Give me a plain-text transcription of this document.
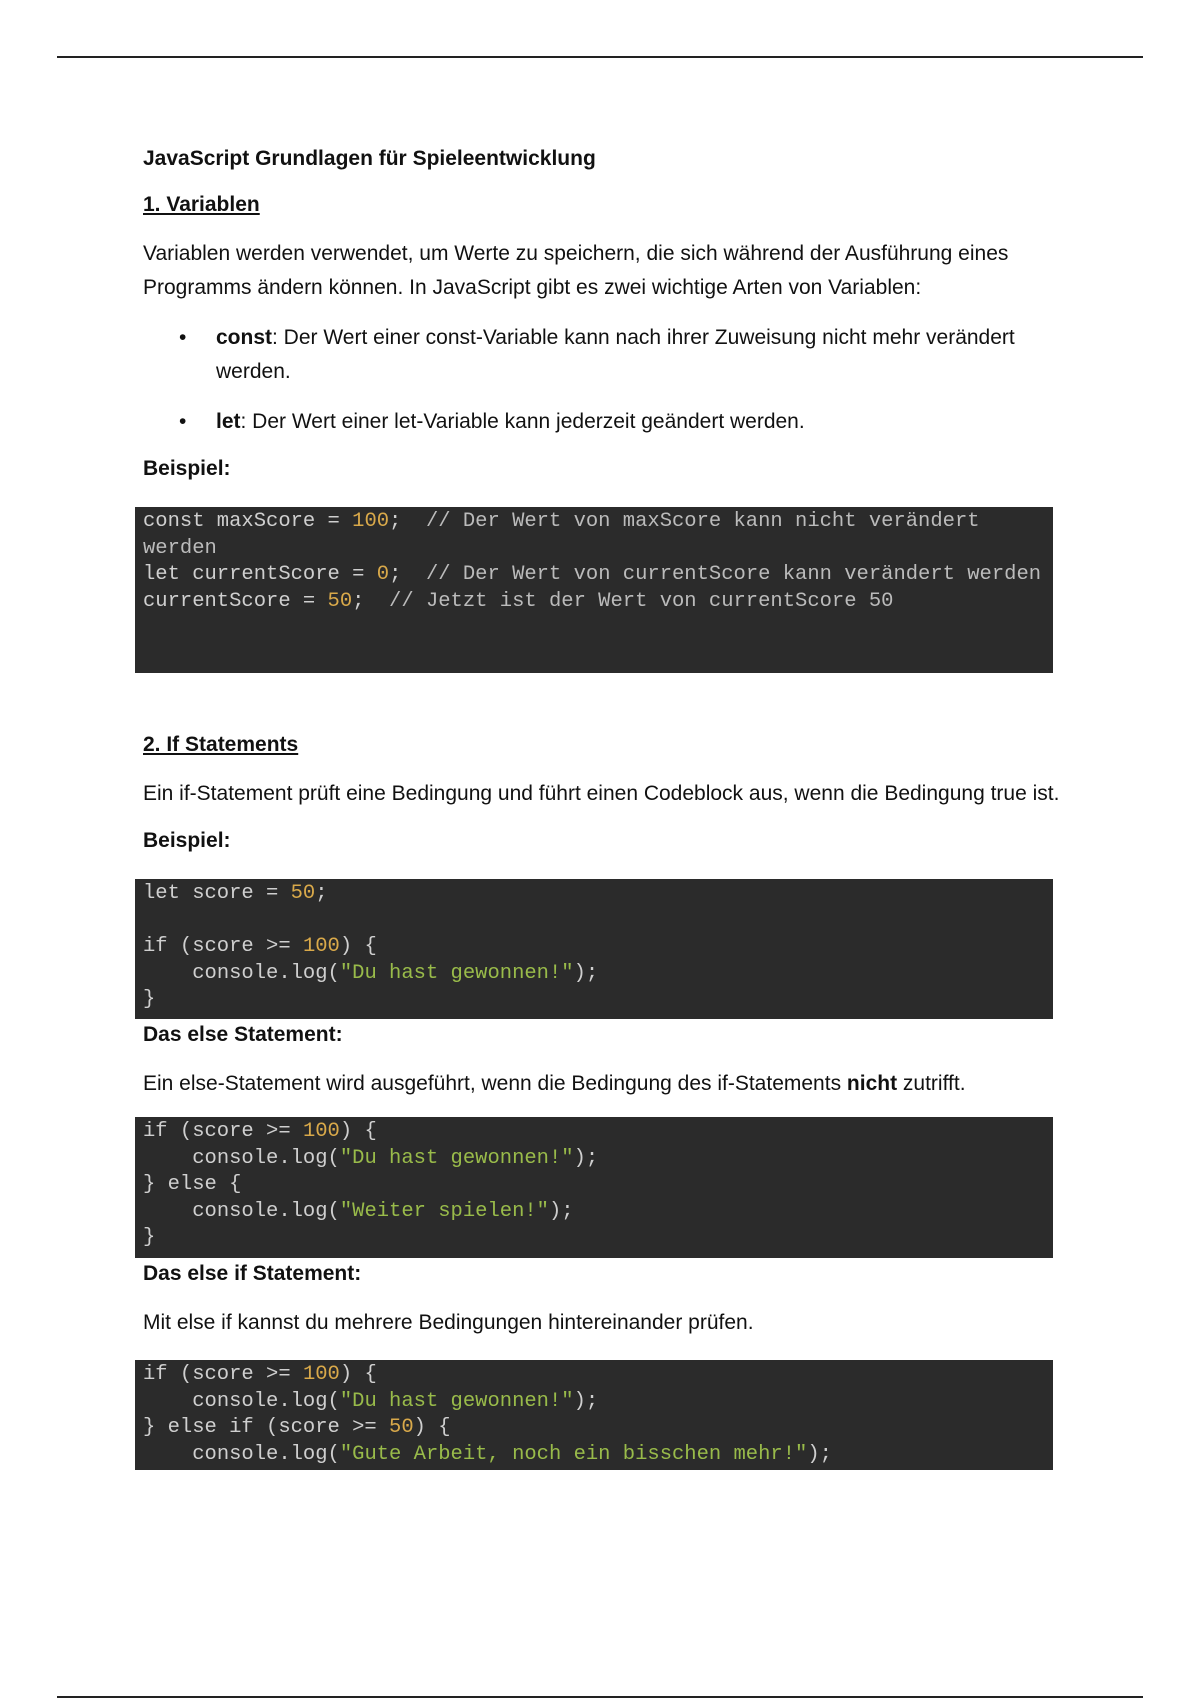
JavaScript Grundlagen für Spieleentwicklung
1. Variablen
Variablen werden verwendet, um Werte zu speichern, die sich während der Ausführung eines Programms ändern können. In JavaScript gibt es zwei wichtige Arten von Variablen:
• const: Der Wert einer const-Variable kann nach ihrer Zuweisung nicht mehr verändert werden.
• let: Der Wert einer let-Variable kann jederzeit geändert werden.
Beispiel:
const maxScore = 100;  // Der Wert von maxScore kann nicht verändert werden
let currentScore = 0;  // Der Wert von currentScore kann verändert werden
currentScore = 50;  // Jetzt ist der Wert von currentScore 50
2. If Statements
Ein if-Statement prüft eine Bedingung und führt einen Codeblock aus, wenn die Bedingung true ist.
Beispiel:
let score = 50;

if (score >= 100) {
console.log("Du hast gewonnen!");
}
Das else Statement:
Ein else-Statement wird ausgeführt, wenn die Bedingung des if-Statements nicht zutrifft.
if (score >= 100) {
console.log("Du hast gewonnen!");
} else {
console.log("Weiter spielen!");
}
Das else if Statement:
Mit else if kannst du mehrere Bedingungen hintereinander prüfen.
if (score >= 100) {
console.log("Du hast gewonnen!");
} else if (score >= 50) {
console.log("Gute Arbeit, noch ein bisschen mehr!");
